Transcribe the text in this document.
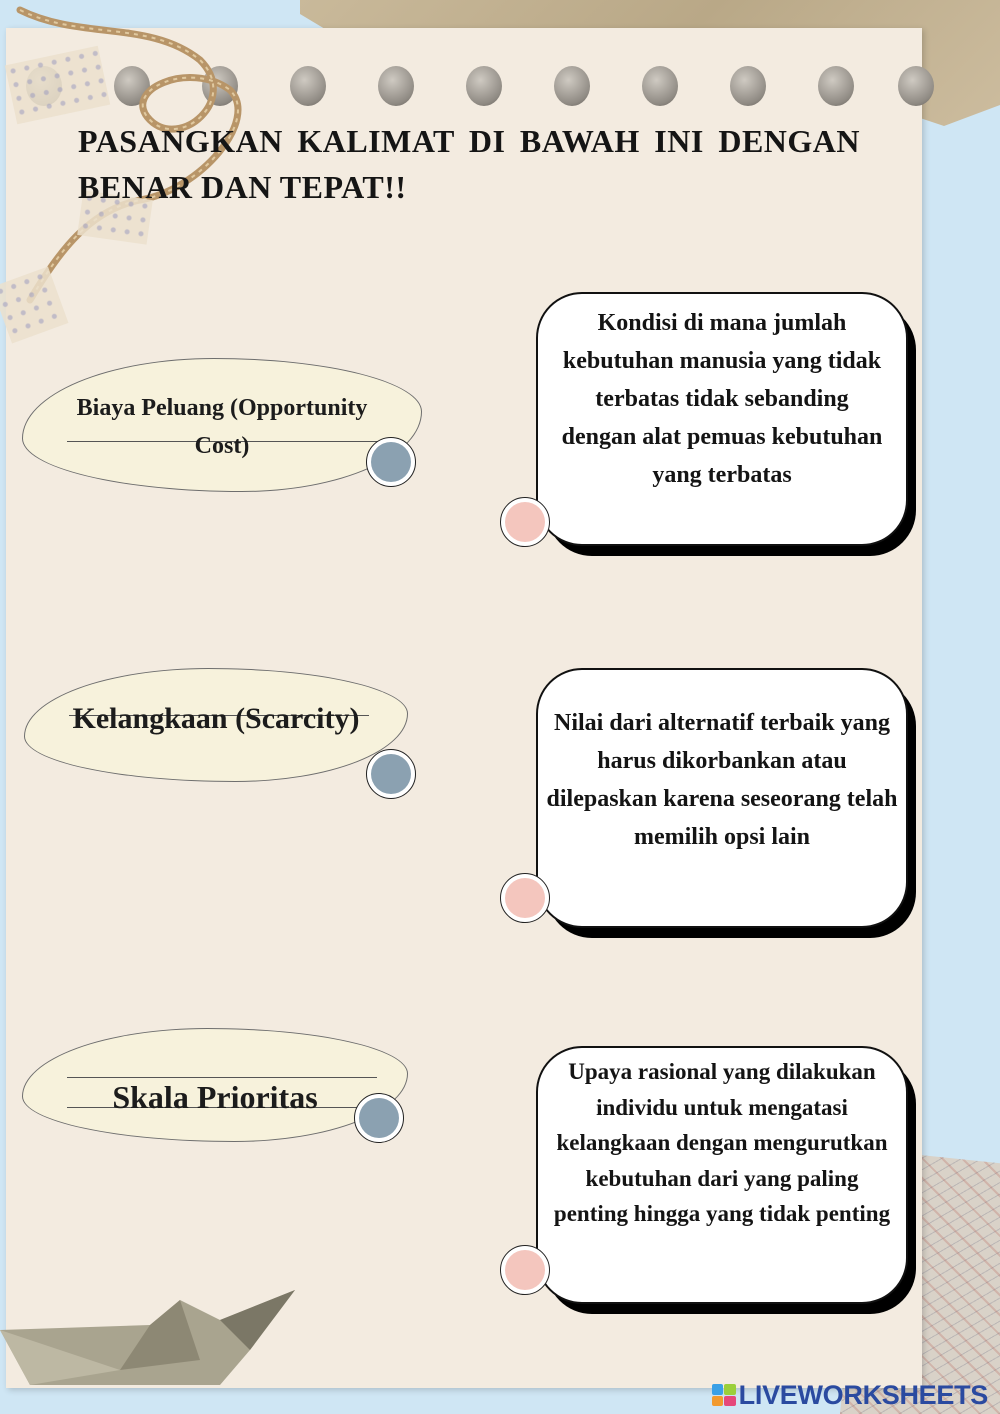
PASANGKAN KALIMAT DI BAWAH INI DENGAN BENAR DAN TEPAT!!
Biaya Peluang (Opportunity Cost)
Kelangkaan (Scarcity)
Skala Prioritas
Kondisi di mana jumlah kebutuhan manusia yang tidak terbatas tidak sebanding dengan alat pemuas kebutuhan yang terbatas
Nilai dari alternatif terbaik yang harus dikorbankan atau dilepaskan karena seseorang telah memilih opsi lain
Upaya rasional yang dilakukan individu untuk mengatasi kelangkaan dengan mengurutkan kebutuhan dari yang paling penting hingga yang tidak penting
LIVEWORKSHEETS
